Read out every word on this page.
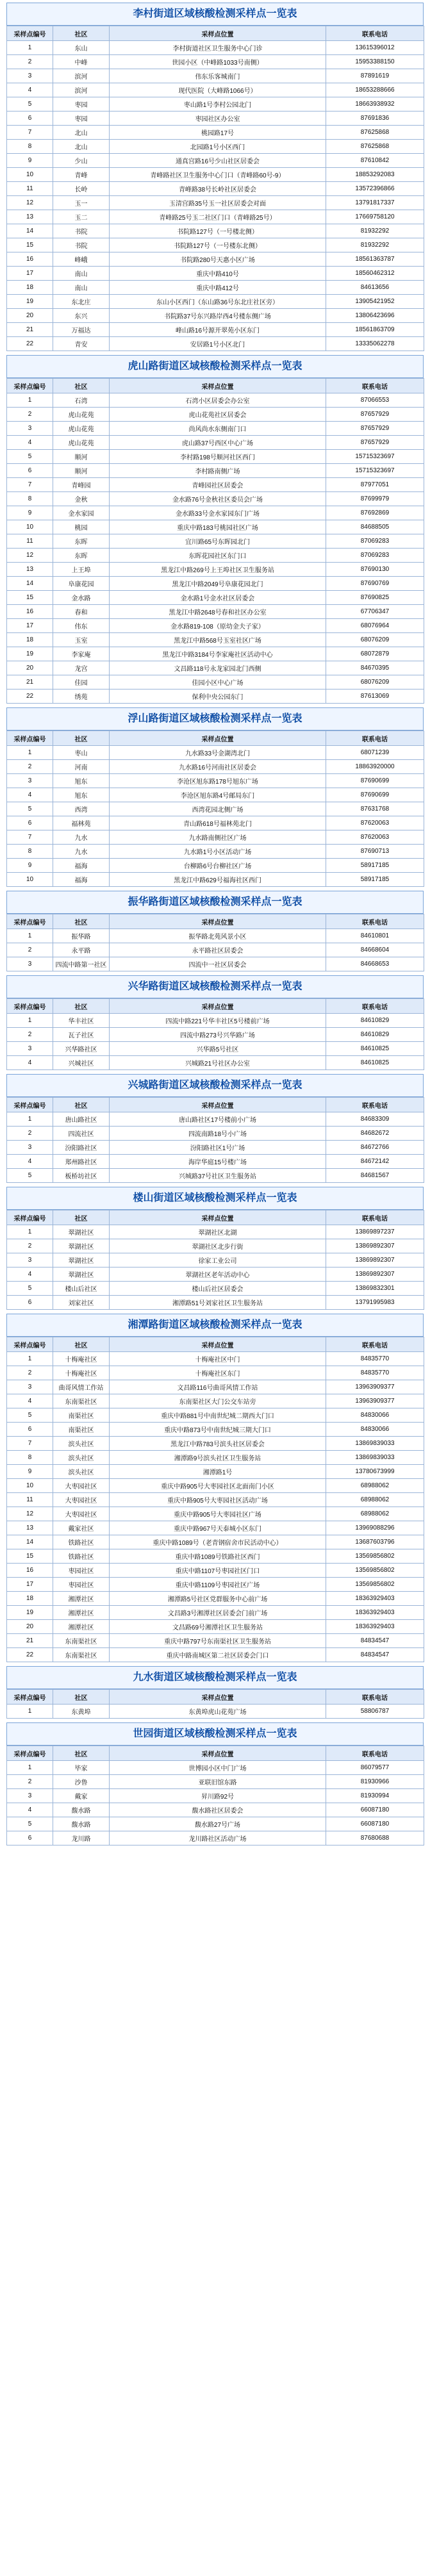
李村街道区域核酸检测采样点一览表
采样点编号	社区	采样点位置	联系电话
1	东山	李村街道社区卫生服务中心门诊	13615396012
2	中峰	世园小区（中峰路1033号南侧）	15953388150
3	滨河	伟东乐客城南门	87891619
4	滨河	现代医院（大峰路1066号）	18653288666
5	枣园	枣山路1号李村公园北门	18663938932
6	枣园	枣园社区办公室	87691836
7	北山	桃园路17号	87625868
8	北山	北园路1号小区西门	87625868
9	少山	通真宫路16号少山社区居委会	87610842
10	青峰	青峰路社区卫生服务中心门口（青峰路60号-9）	18853292083
11	长岭	青峰路38号长岭社区居委会	13572396866
12	玉一	玉清宫路35号玉一社区居委会对面	13791817337
13	玉二	青峰路25号玉二社区门口（青峰路25号）	17669758120
14	书院	书院路127号（一号楼北侧）	81932292
15	书院	书院路127号（一号楼东北侧）	81932292
16	峰峨	书院路280号天惠小区广场	18561363787
17	南山	重庆中路410号	18560462312
18	南山	重庆中路412号	84613656
19	东北庄	东山小区西门（东山路36号东北庄社区旁）	13905421952
20	东兴	书院路37号东兴路岸西4号楼东侧广场	13806423696
21	万福达	峰山路16号源开翠苑小区东门	18561863709
22	青安	安居路1号小区北门	13335062278
虎山路街道区域核酸检测采样点一览表
采样点编号	社区	采样点位置	联系电话
1	石湾	石湾小区居委会办公室	87066553
2	虎山花苑	虎山花苑社区居委会	87657929
3	虎山花苑	尚风尚水东侧南门口	87657929
4	虎山花苑	虎山路37号西区中心广场	87657929
5	顺河	李村路198号顺河社区西门	15715323697
6	顺河	李村路南侧广场	15715323697
7	青峰园	青峰园社区居委会	87977051
8	金秋	金水路76号金秋社区委员会广场	87699979
9	金水家园	金水路33号金水家园东门广场	87692869
10	桃园	重庆中路183号桃园社区广场	84688505
11	东晖	宜川路65号东晖园北门	87069283
12	东晖	东晖花园社区东门口	87069283
13	上王埠	黑龙江中路269号上王埠社区卫生服务站	87690130
14	阜康花园	黑龙江中路2049号阜康花园北门	87690769
15	金水路	金水路1号金水社区居委会	87690825
16	春和	黑龙江中路2648号春和社区办公室	67706347
17	伟东	金水路819-108（原幼金夫子家）	68076964
18	玉室	黑龙江中路568号玉室社区广场	68076209
19	李家庵	黑龙江中路3184号李家庵社区活动中心	68072879
20	龙宫	文昌路118号永龙家园北门西侧	84670395
21	佳园	佳园小区中心广场	68076209
22	绣苑	保利中央公园东门	87613069
浮山路街道区域核酸检测采样点一览表
采样点编号	社区	采样点位置	联系电话
1	枣山	九水路33号金湖湾北门	68071239
2	河南	九水路16号河南社区居委会	18863920000
3	旭东	李沧区旭东路178号旭东广场	87690699
4	旭东	李沧区旭东路4号邮局东门	87690699
5	西湾	西湾花园北侧广场	87631768
6	福林苑	青山路618号福林苑北门	87620063
7	九水	九水路南侧社区广场	87620063
8	九水	九水路1号小区活动广场	87690713
9	福海	台柳路6号台柳社区广场	58917185
10	福海	黑龙江中路629号福海社区西门	58917185
振华路街道区域核酸检测采样点一览表
采样点编号	社区	采样点位置	联系电话
1	振华路	振华路北苑风景小区	84610801
2	永平路	永平路社区居委会	84668604
3	四流中路第一社区	四流中一社区居委会	84668653
兴华路街道区域核酸检测采样点一览表
采样点编号	社区	采样点位置	联系电话
1	华丰社区	四流中路221号华丰社区5号楼前广场	84610829
2	瓦子社区	四流中路273号兴华路广场	84610829
3	兴华路社区	兴华路5号社区	84610825
4	兴城社区	兴城路21号社区办公室	84610825
兴城路街道区域核酸检测采样点一览表
采样点编号	社区	采样点位置	联系电话
1	唐山路社区	唐山路社区17号楼前小广场	84683309
2	四流社区	四流南路18号小广场	84682672
3	汾阳路社区	汾阳路社区1号广场	84672766
4	郑州路社区	海岸华庭15号楼广场	84672142
5	板桥坊社区	兴城路37号社区卫生服务站	84681567
楼山街道区域核酸检测采样点一览表
采样点编号	社区	采样点位置	联系电话
1	翠湖社区	翠湖社区北湖	13869897237
2	翠湖社区	翠湖社区北步行街	13869892307
3	翠湖社区	徐家工业公司	13869892307
4	翠湖社区	翠湖社区老年活动中心	13869892307
5	楼山后社区	楼山后社区居委会	13869832301
6	刘家社区	湘潭路51号刘家社区卫生服务站	13791995983
湘潭路街道区域核酸检测采样点一览表
采样点编号	社区	采样点位置	联系电话
1	十梅庵社区	十梅庵社区中门	84835770
2	十梅庵社区	十梅庵社区东门	84835770
3	曲哥风情工作站	文昌路116号曲哥风情工作站	13963909377
4	东南渠社区	东南渠社区大门公交车站旁	13963909377
5	南渠社区	重庆中路881号中南世纪城二期西大门口	84830066
6	南渠社区	重庆中路873号中南世纪城三期大门口	84830066
7	滨头社区	黑龙江中路783号滨头社区居委会	13869839033
8	滨头社区	湘潭路9号滨头社区卫生服务站	13869839033
9	滨头社区	湘潭路1号	13780673999
10	大枣园社区	重庆中路905号大枣园社区北面南门小区	68988062
11	大枣园社区	重庆中路905号大枣园社区活动广场	68988062
12	大枣园社区	重庆中路905号大枣园社区广场	68988062
13	戴家社区	重庆中路967号天泰城小区东门	13969088296
14	铁路社区	重庆中路1089号（老青钢宿舍市民活动中心）	13687603796
15	铁路社区	重庆中路1089号铁路社区西门	13569856802
16	枣园社区	重庆中路1107号枣园社区门口	13569856802
17	枣园社区	重庆中路1109号枣园社区广场	13569856802
18	湘潭社区	湘潭路5号社区党群服务中心前广场	18363929403
19	湘潭社区	文昌路3号湘潭社区居委会门前广场	18363929403
20	湘潭社区	文昌路69号湘潭社区卫生服务站	18363929403
21	东南渠社区	重庆中路797号东南渠社区卫生服务站	84834547
22	东南渠社区	重庆中路南城区第二社区居委会门口	84834547
九水街道区域核酸检测采样点一览表
采样点编号	社区	采样点位置	联系电话
1	东黄埠	东黄埠虎山花苑广场	58806787
世园街道区域核酸检测采样点一览表
采样点编号	社区	采样点位置	联系电话
1	毕家	世博园小区中门广场	86079577
2	沙鲁	亚联旧馆东路	81930966
3	戴家	昇川路92号	81930994
4	馥水路	馥水路社区居委会	66087180
5	馥水路	馥水路27号广场	66087180
6	龙川路	龙川路社区活动广场	87680688
